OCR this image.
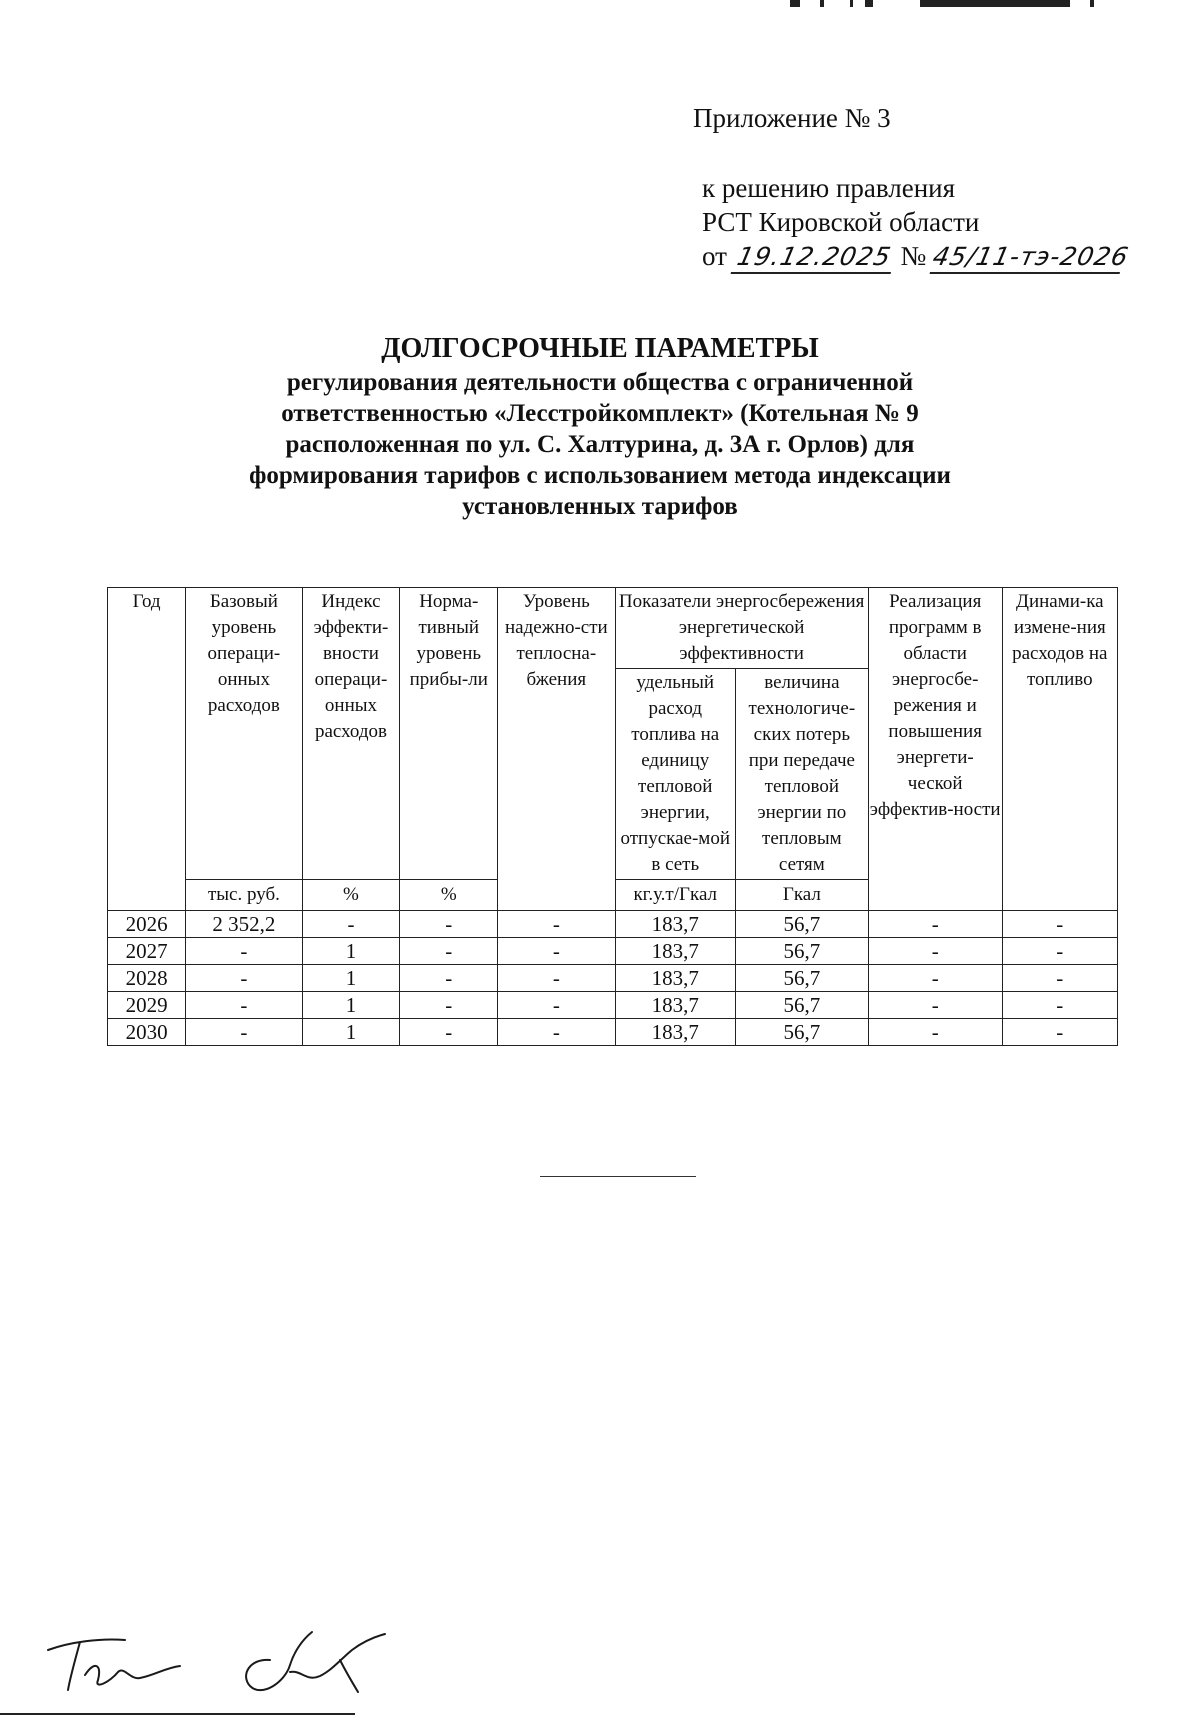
Приложение № 3
к решению правления
РСТ Кировской области
от 19.12.2025 № 45/11-тэ-2026
ДОЛГОСРОЧНЫЕ ПАРАМЕТРЫ
регулирования деятельности общества с ограниченной
ответственностью «Лесстройкомплект» (Котельная № 9
расположенная по ул. С. Халтурина, д. 3А г. Орлов) для
формирования тарифов с использованием метода индексации
установленных тарифов
Год	Базовый уровень операци-онных расходов	Индекс эффекти-вности операци-онных расходов	Норма-тивный уровень прибы-ли	Уровень надежно-сти теплосна-бжения	Показатели энергосбережения энергетической эффективности		Реализация программ в области энергосбе-режения и повышения энергети-ческой эффектив-ности	Динами-ка измене-ния расходов на топливо
					удельный расход топлива на единицу тепловой энергии, отпускае-мой в сеть	величина технологиче-ских потерь при передаче тепловой энергии по тепловым сетям		
	тыс. руб.	%	%		кг.у.т/Гкал	Гкал		
2026	2 352,2	-	-	-	183,7	56,7	-	-
2027	-	1	-	-	183,7	56,7	-	-
2028	-	1	-	-	183,7	56,7	-	-
2029	-	1	-	-	183,7	56,7	-	-
2030	-	1	-	-	183,7	56,7	-	-
